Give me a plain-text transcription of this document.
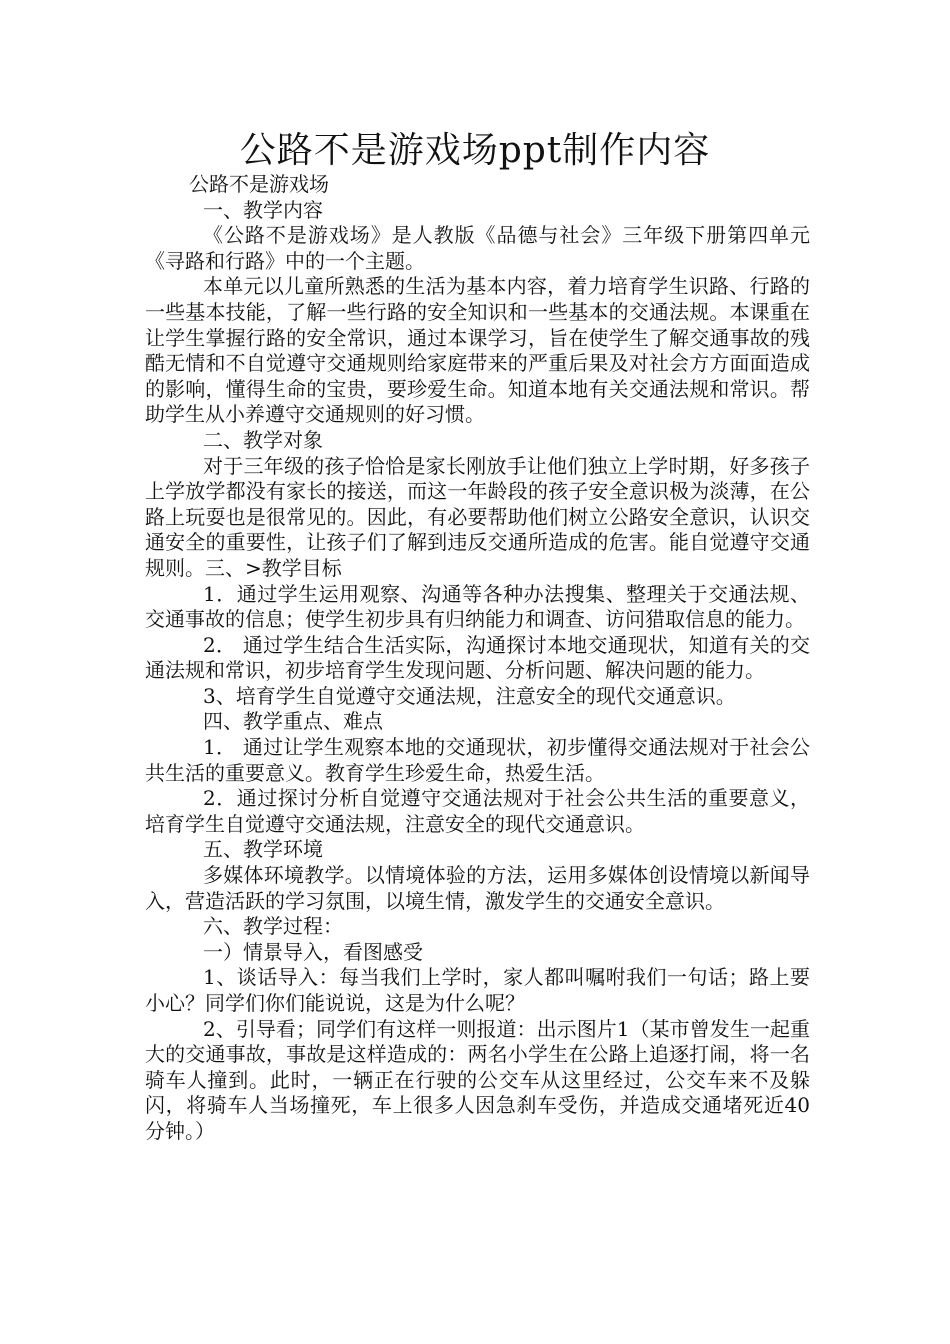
公路不是游戏场ppt制作内容

公路不是游戏场

一、教学内容

《公路不是游戏场》是人教版《品德与社会》三年级下册第四单元《寻路和行路》中的一个主题。

本单元以儿童所熟悉的生活为基本内容，着力培育学生识路、行路的一些基本技能，了解一些行路的安全知识和一些基本的交通法规。本课重在让学生掌握行路的安全常识，通过本课学习，旨在使学生了解交通事故的残酷无情和不自觉遵守交通规则给家庭带来的严重后果及对社会方方面面造成的影响，懂得生命的宝贵，要珍爱生命。知道本地有关交通法规和常识。帮助学生从小养遵守交通规则的好习惯。

二、教学对象

对于三年级的孩子恰恰是家长刚放手让他们独立上学时期，好多孩子上学放学都没有家长的接送，而这一年龄段的孩子安全意识极为淡薄，在公路上玩耍也是很常见的。因此，有必要帮助他们树立公路安全意识，认识交通安全的重要性，让孩子们了解到违反交通所造成的危害。能自觉遵守交通规则。三、>教学目标

1．通过学生运用观察、沟通等各种办法搜集、整理关于交通法规、交通事故的信息；使学生初步具有归纳能力和调查、访问猎取信息的能力。

2． 通过学生结合生活实际，沟通探讨本地交通现状，知道有关的交通法规和常识，初步培育学生发现问题、分析问题、解决问题的能力。

3、培育学生自觉遵守交通法规，注意安全的现代交通意识。

四、教学重点、难点

1． 通过让学生观察本地的交通现状，初步懂得交通法规对于社会公共生活的重要意义。教育学生珍爱生命，热爱生活。

2．通过探讨分析自觉遵守交通法规对于社会公共生活的重要意义，培育学生自觉遵守交通法规，注意安全的现代交通意识。

五、教学环境

多媒体环境教学。以情境体验的方法，运用多媒体创设情境以新闻导入，营造活跃的学习氛围，以境生情，激发学生的交通安全意识。

六、教学过程：

一）情景导入，看图感受

1、谈话导入：每当我们上学时，家人都叫嘱咐我们一句话；路上要小心？同学们你们能说说，这是为什么呢？

2、引导看；同学们有这样一则报道：出示图片1（某市曾发生一起重大的交通事故，事故是这样造成的：两名小学生在公路上追逐打闹，将一名骑车人撞到。此时，一辆正在行驶的公交车从这里经过，公交车来不及躲闪，将骑车人当场撞死，车上很多人因急刹车受伤，并造成交通堵死近40分钟。）
